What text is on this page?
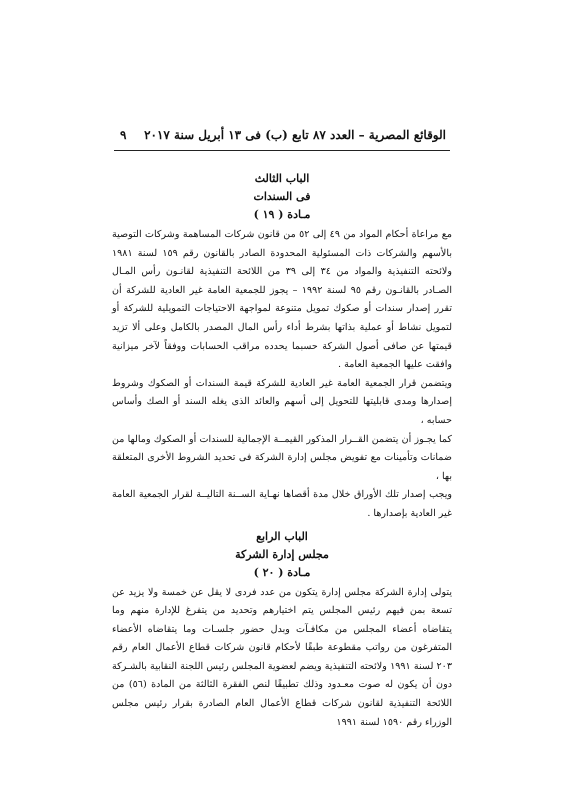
الوقائع المصرية – العدد ٨٧ تابع (ب) فى ١٣ أبريل سنة ٢٠١٧
٩
الباب الثالث
فى السندات
مـادة ( ١٩ )

مع مراعاة أحكام المواد من ٤٩ إلى ٥٢ من قانون شركات المساهمة وشركات التوصية بالأسهم والشركات ذات المسئولية المحدودة الصادر بالقانون رقم ١٥٩ لسنة ١٩٨١ ولائحته التنفيذية والمواد من ٣٤ إلى ٣٩ من اللائحة التنفيذية لقانـون رأس المـال الصـادر بالقانـون رقم ٩٥ لسنة ١٩٩٢ – يجوز للجمعية العامة غير العادية للشركة أن تقرر إصدار سندات أو صكوك تمويل متنوعة لمواجهة الاحتياجات التمويلية للشركة أو لتمويل نشاط أو عملية بذاتها بشرط أداء رأس المال المصدر بالكامل وعلى ألا تزيد قيمتها عن صافى أصول الشركة حسبما يحدده مراقب الحسابات ووفقاً لآخر ميزانية وافقت عليها الجمعية العامة .

ويتضمن قرار الجمعية العامة غير العادية للشركة قيمة السندات أو الصكوك وشروط إصدارها ومدى قابليتها للتحويل إلى أسهم والعائد الذى يغله السند أو الصك وأساس حسابه ،

كما يجـوز أن يتضمن القــرار المذكور القيمــة الإجمالية للسندات أو الصكوك ومالها من ضمانات وتأمينات مع تفويض مجلس إدارة الشركة فى تحديد الشروط الأخرى المتعلقة بها ،

ويجب إصدار تلك الأوراق خلال مدة أقصاها نهـاية الســنة التاليــة لقرار الجمعية العامة غير العادية بإصدارها .

الباب الرابع
مجلس إدارة الشركة
مـادة ( ٢٠ )

يتولى إدارة الشركة مجلس إدارة يتكون من عدد فردى لا يقل عن خمسة ولا يزيد عن تسعة بمن فيهم رئيس المجلس يتم اختيارهم وتحديد من يتفرغ للإدارة منهم وما يتقاضاه أعضاء المجلس من مكافـآت وبدل حضور جلسـات وما يتقاضاه الأعضاء المتفرغون من رواتب مقطوعة طبقًا لأحكام قانون شركات قطاع الأعمال العام رقم ٢٠٣ لسنة ١٩٩١ ولائحته التنفيذية ويضم لعضوية المجلس رئيس اللجنة النقابية بالشـركة دون أن يكون له صوت معـدود وذلك تطبيقًا لنص الفقرة الثالثة من المادة (٥٦) من اللائحة التنفيذية لقانون شركات قطاع الأعمال العام الصادرة بقرار رئيس مجلس الوزراء رقم ١٥٩٠ لسنة ١٩٩١
